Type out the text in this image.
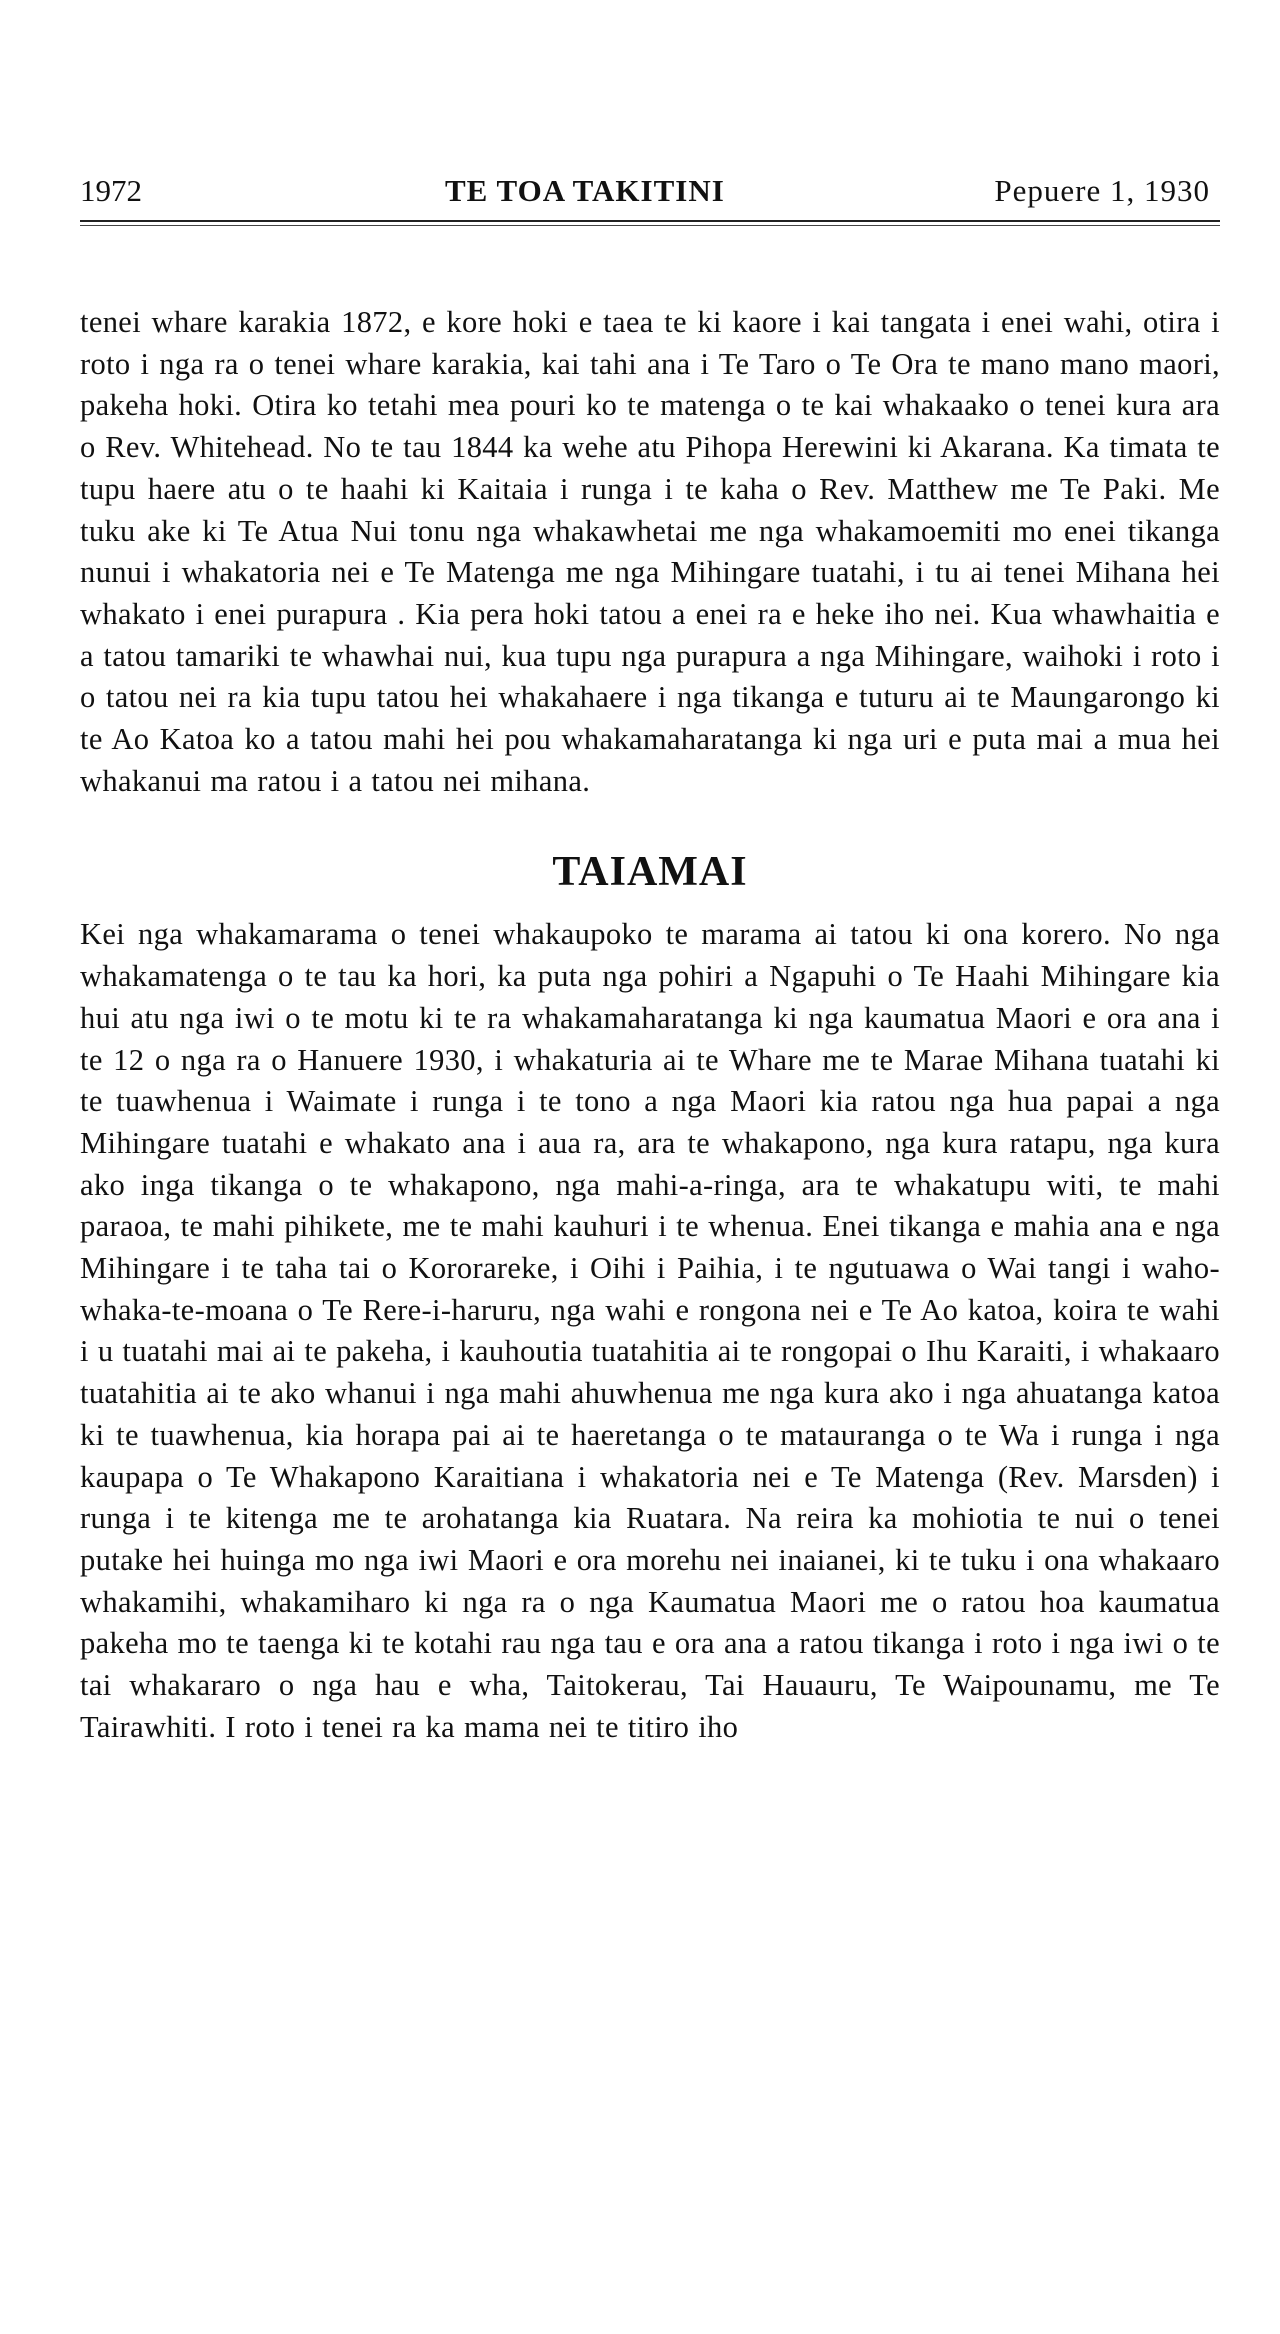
1972	TE TOA TAKITINI	Pepuere 1, 1930

tenei whare karakia 1872, e kore hoki e taea te ki kaore i kai tangata i enei wahi, otira i roto i nga ra o tenei whare karakia, kai tahi ana i Te Taro o Te Ora te mano mano maori, pakeha hoki. Otira ko tetahi mea pouri ko te matenga o te kai whakaako o tenei kura ara o Rev. Whitehead. No te tau 1844 ka wehe atu Pihopa Herewini ki Akarana. Ka timata te tupu haere atu o te haahi ki Kaitaia i runga i te kaha o Rev. Matthew me Te Paki. Me tuku ake ki Te Atua Nui tonu nga whakawhetai me nga whakamoemiti mo enei tikanga nunui i whakatoria nei e Te Matenga me nga Mihingare tuatahi, i tu ai tenei Mihana hei whakato i enei purapura . Kia pera hoki tatou a enei ra e heke iho nei. Kua whawhaitia e a tatou tamariki te whawhai nui, kua tupu nga purapura a nga Mihingare, waihoki i roto i o tatou nei ra kia tupu tatou hei whakahaere i nga tikanga e tuturu ai te Maungarongo ki te Ao Katoa ko a tatou mahi hei pou whakamaharatanga ki nga uri e puta mai a mua hei whakanui ma ratou i a tatou nei mihana.

TAIAMAI

Kei nga whakamarama o tenei whakaupoko te marama ai tatou ki ona korero. No nga whakamatenga o te tau ka hori, ka puta nga pohiri a Ngapuhi o Te Haahi Mihingare kia hui atu nga iwi o te motu ki te ra whakamaharatanga ki nga kaumatua Maori e ora ana i te 12 o nga ra o Hanuere 1930, i whakaturia ai te Whare me te Marae Mihana tuatahi ki te tuawhenua i Waimate i runga i te tono a nga Maori kia ratou nga hua papai a nga Mihingare tuatahi e whakato ana i aua ra, ara te whakapono, nga kura ratapu, nga kura ako inga tikanga o te whakapono, nga mahi-a-ringa, ara te whakatupu witi, te mahi paraoa, te mahi pihikete, me te mahi kauhuri i te whenua. Enei tikanga e mahia ana e nga Mihingare i te taha tai o Kororareke, i Oihi i Paihia, i te ngutuawa o Wai tangi i waho-whaka-te-moana o Te Rere-i-haruru, nga wahi e rongona nei e Te Ao katoa, koira te wahi i u tuatahi mai ai te pakeha, i kauhoutia tuatahitia ai te rongopai o Ihu Karaiti, i whakaaro tuatahitia ai te ako whanui i nga mahi ahuwhenua me nga kura ako i nga ahuatanga katoa ki te tuawhenua, kia horapa pai ai te haeretanga o te matauranga o te Wa i runga i nga kaupapa o Te Whakapono Karaitiana i whakatoria nei e Te Matenga (Rev. Marsden) i runga i te kitenga me te arohatanga kia Ruatara. Na reira ka mohiotia te nui o tenei putake hei huinga mo nga iwi Maori e ora morehu nei inaianei, ki te tuku i ona whakaaro whakamihi, whakamiharo ki nga ra o nga Kaumatua Maori me o ratou hoa kaumatua pakeha mo te taenga ki te kotahi rau nga tau e ora ana a ratou tikanga i roto i nga iwi o te tai whakararo o nga hau e wha, Taitokerau, Tai Hauauru, Te Waipounamu, me Te Tairawhiti. I roto i tenei ra ka mama nei te titiro iho
